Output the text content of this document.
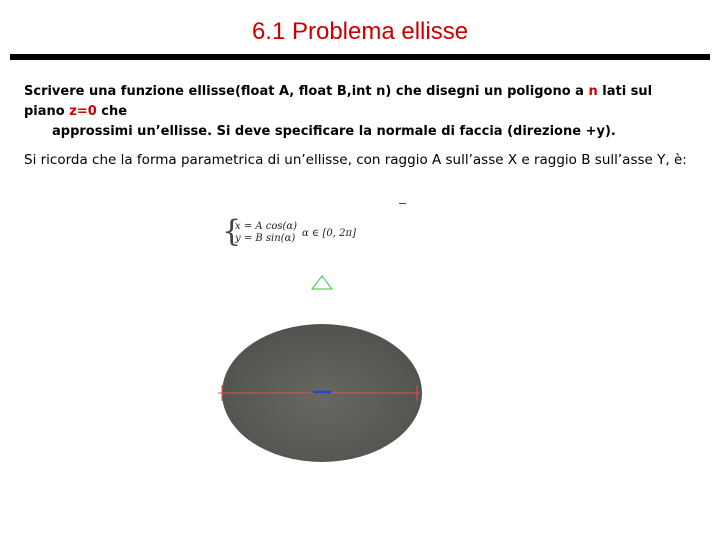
6.1 Problema ellisse
Scrivere una funzione ellisse(float A, float B,int n) che disegni un poligono a n lati sul piano z=0 che
approssimi un’ellisse. Si deve specificare la normale di faccia (direzione +y).
Si ricorda che la forma parametrica di un’ellisse, con raggio A sull’asse X e raggio B sull’asse Y, è:
{
x = A cos(α)
y = B sin(α) α ∈ [0, 2π]
